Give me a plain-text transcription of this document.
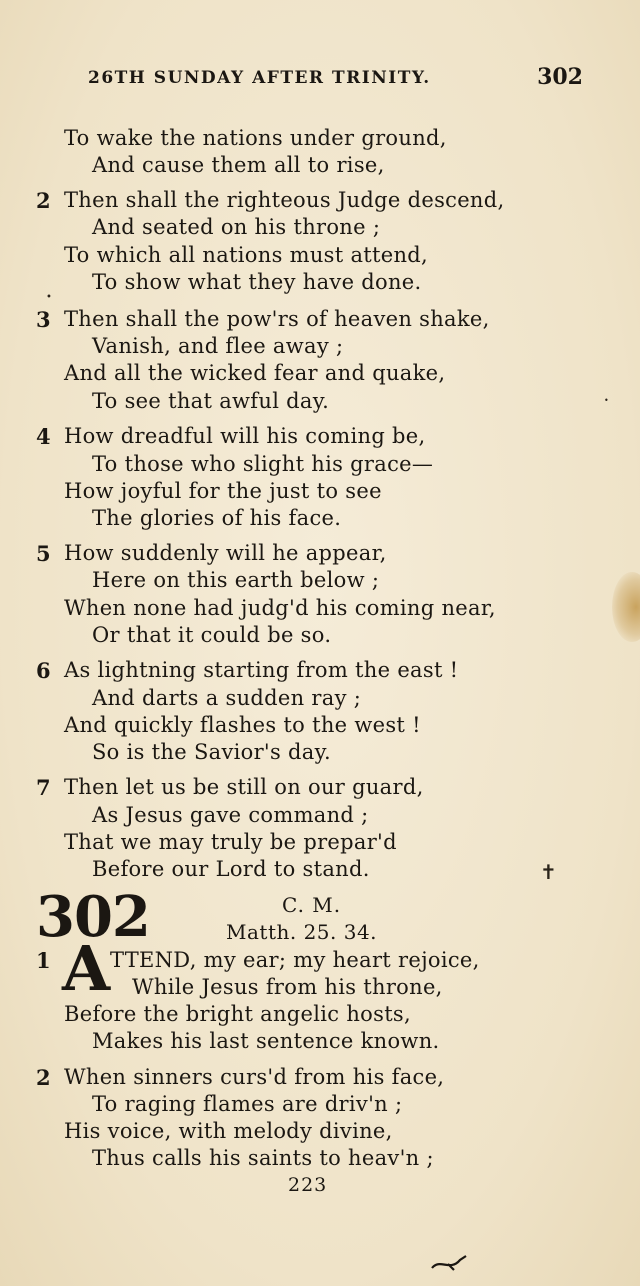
26TH SUNDAY AFTER TRINITY.	302
To wake the nations under ground,
And cause them all to rise,
2 Then shall the righteous Judge descend,
And seated on his throne ;
To which all nations must attend,
To show what they have done.
3 Then shall the pow'rs of heaven shake,
Vanish, and flee away ;
And all the wicked fear and quake,
To see that awful day.
4 How dreadful will his coming be,
To those who slight his grace—
How joyful for the just to see
The glories of his face.
5 How suddenly will he appear,
Here on this earth below ;
When none had judg'd his coming near,
Or that it could be so.
6 As lightning starting from the east !
And darts a sudden ray ;
And quickly flashes to the west !
So is the Savior's day.
7 Then let us be still on our guard,
As Jesus gave command ;
That we may truly be prepar'd
Before our Lord to stand.
302	C. M.
Matth. 25. 34.
1 A TTEND, my ear; my heart rejoice,
While Jesus from his throne,
Before the bright angelic hosts,
Makes his last sentence known.
2 When sinners curs'd from his face,
To raging flames are driv'n ;
His voice, with melody divine,
Thus calls his saints to heav'n ;
223
•
•
✝
